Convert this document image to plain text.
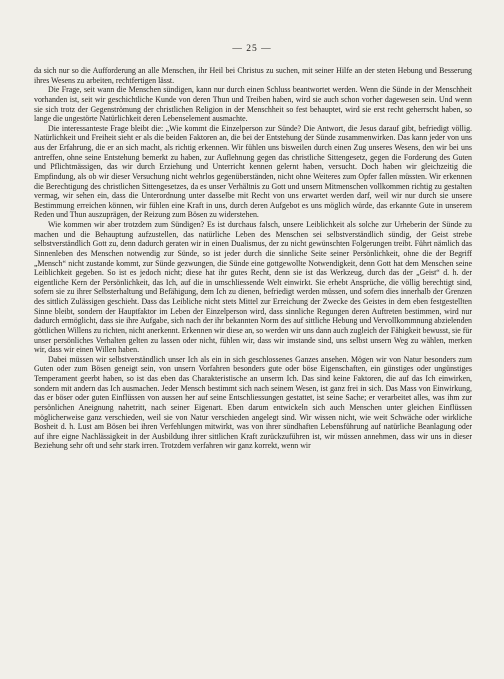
— 25 —

da sich nur so die Aufforderung an alle Menschen, ihr Heil bei Christus zu suchen, mit seiner Hilfe an der steten Hebung und Besserung ihres Wesens zu arbeiten, rechtfertigen lässt.

Die Frage, seit wann die Menschen sündigen, kann nur durch einen Schluss beantwortet werden. Wenn die Sünde in der Menschheit vorhanden ist, seit wir geschichtliche Kunde von deren Thun und Treiben haben, wird sie auch schon vorher dagewesen sein. Und wenn sie sich trotz der Gegenströmung der christlichen Religion in der Menschheit so fest behauptet, wird sie erst recht geherrscht haben, so lange die ungestörte Natürlichkeit deren Lebenselement ausmachte.

Die interessanteste Frage bleibt die: „Wie kommt die Einzelperson zur Sünde? Die Antwort, die Jesus darauf gibt, befriedigt völlig. Natürlichkeit und Freiheit sieht er als die beiden Faktoren an, die bei der Entstehung der Sünde zusammenwirken. Das kann jeder von uns aus der Erfahrung, die er an sich macht, als richtig erkennen. Wir fühlen uns bisweilen durch einen Zug unseres Wesens, den wir bei uns antreffen, ohne seine Entstehung bemerkt zu haben, zur Auflehnung gegen das christliche Sittengesetz, gegen die Forderung des Guten und Pflichtmässigen, das wir durch Erziehung und Unterricht kennen gelernt haben, versucht. Doch haben wir gleichzeitig die Empfindung, als ob wir dieser Versuchung nicht wehrlos gegenüberständen, nicht ohne Weiteres zum Opfer fallen müssten. Wir erkennen die Berechtigung des christlichen Sittengesetzes, da es unser Verhältnis zu Gott und unsern Mitmenschen vollkommen richtig zu gestalten vermag, wir sehen ein, dass die Unterordnung unter dasselbe mit Recht von uns erwartet werden darf, weil wir nur durch sie unsere Bestimmung erreichen können, wir fühlen eine Kraft in uns, durch deren Aufgebot es uns möglich würde, das erkannte Gute in unserem Reden und Thun auszuprägen, der Reizung zum Bösen zu widerstehen.

Wie kommen wir aber trotzdem zum Sündigen? Es ist durchaus falsch, unsere Leiblichkeit als solche zur Urheberin der Sünde zu machen und die Behauptung aufzustellen, das natürliche Leben des Menschen sei selbstverständlich sündig, der Geist strebe selbstverständlich Gott zu, denn dadurch geraten wir in einen Dualismus, der zu nicht gewünschten Folgerungen treibt. Führt nämlich das Sinnenleben des Menschen notwendig zur Sünde, so ist jeder durch die sinnliche Seite seiner Persönlichkeit, ohne die der Begriff „Mensch“ nicht zustande kommt, zur Sünde gezwungen, die Sünde eine gottgewollte Notwendigkeit, denn Gott hat dem Menschen seine Leiblichkeit gegeben. So ist es jedoch nicht; diese hat ihr gutes Recht, denn sie ist das Werkzeug, durch das der „Geist“ d. h. der eigentliche Kern der Persönlichkeit, das Ich, auf die in umschliessende Welt einwirkt. Sie erhebt Ansprüche, die völlig berechtigt sind, sofern sie zu ihrer Selbsterhaltung und Befähigung, dem Ich zu dienen, befriedigt werden müssen, und sofern dies innerhalb der Grenzen des sittlich Zulässigen geschieht. Dass das Leibliche nicht stets Mittel zur Erreichung der Zwecke des Geistes in dem eben festgestellten Sinne bleibt, sondern der Hauptfaktor im Leben der Einzelperson wird, dass sinnliche Regungen deren Auftreten bestimmen, wird nur dadurch ermöglicht, dass sie ihre Aufgabe, sich nach der ihr bekannten Norm des auf sittliche Hebung und Vervollkommnung abzielenden göttlichen Willens zu richten, nicht anerkennt. Erkennen wir diese an, so werden wir uns dann auch zugleich der Fähigkeit bewusst, sie für unser persönliches Verhalten gelten zu lassen oder nicht, fühlen wir, dass wir imstande sind, uns selbst unsern Weg zu wählen, merken wir, dass wir einen Willen haben.

Dabei müssen wir selbstverständlich unser Ich als ein in sich geschlossenes Ganzes ansehen. Mögen wir von Natur besonders zum Guten oder zum Bösen geneigt sein, von unsern Vorfahren besonders gute oder böse Eigenschaften, ein günstiges oder ungünstiges Temperament geerbt haben, so ist das eben das Charakteristische an unserm Ich. Das sind keine Faktoren, die auf das Ich einwirken, sondern mit andern das Ich ausmachen. Jeder Mensch bestimmt sich nach seinem Wesen, ist ganz frei in sich. Das Mass von Einwirkung, das er böser oder guten Einflüssen von aussen her auf seine Entschliessungen gestattet, ist seine Sache; er verarbeitet alles, was ihm zur persönlichen Aneignung nahetritt, nach seiner Eigenart. Eben darum entwickeln sich auch Menschen unter gleichen Einflüssen möglicherweise ganz verschieden, weil sie von Natur verschieden angelegt sind. Wir wissen nicht, wie weit Schwäche oder wirkliche Bosheit d. h. Lust am Bösen bei ihren Verfehlungen mitwirkt, was von ihrer sündhaften Lebensführung auf natürliche Beanlagung oder auf ihre eigne Nachlässigkeit in der Ausbildung ihrer sittlichen Kraft zurückzuführen ist, wir müssen annehmen, dass wir uns in dieser Beziehung sehr oft und sehr stark irren. Trotzdem verfahren wir ganz korrekt, wenn wir
